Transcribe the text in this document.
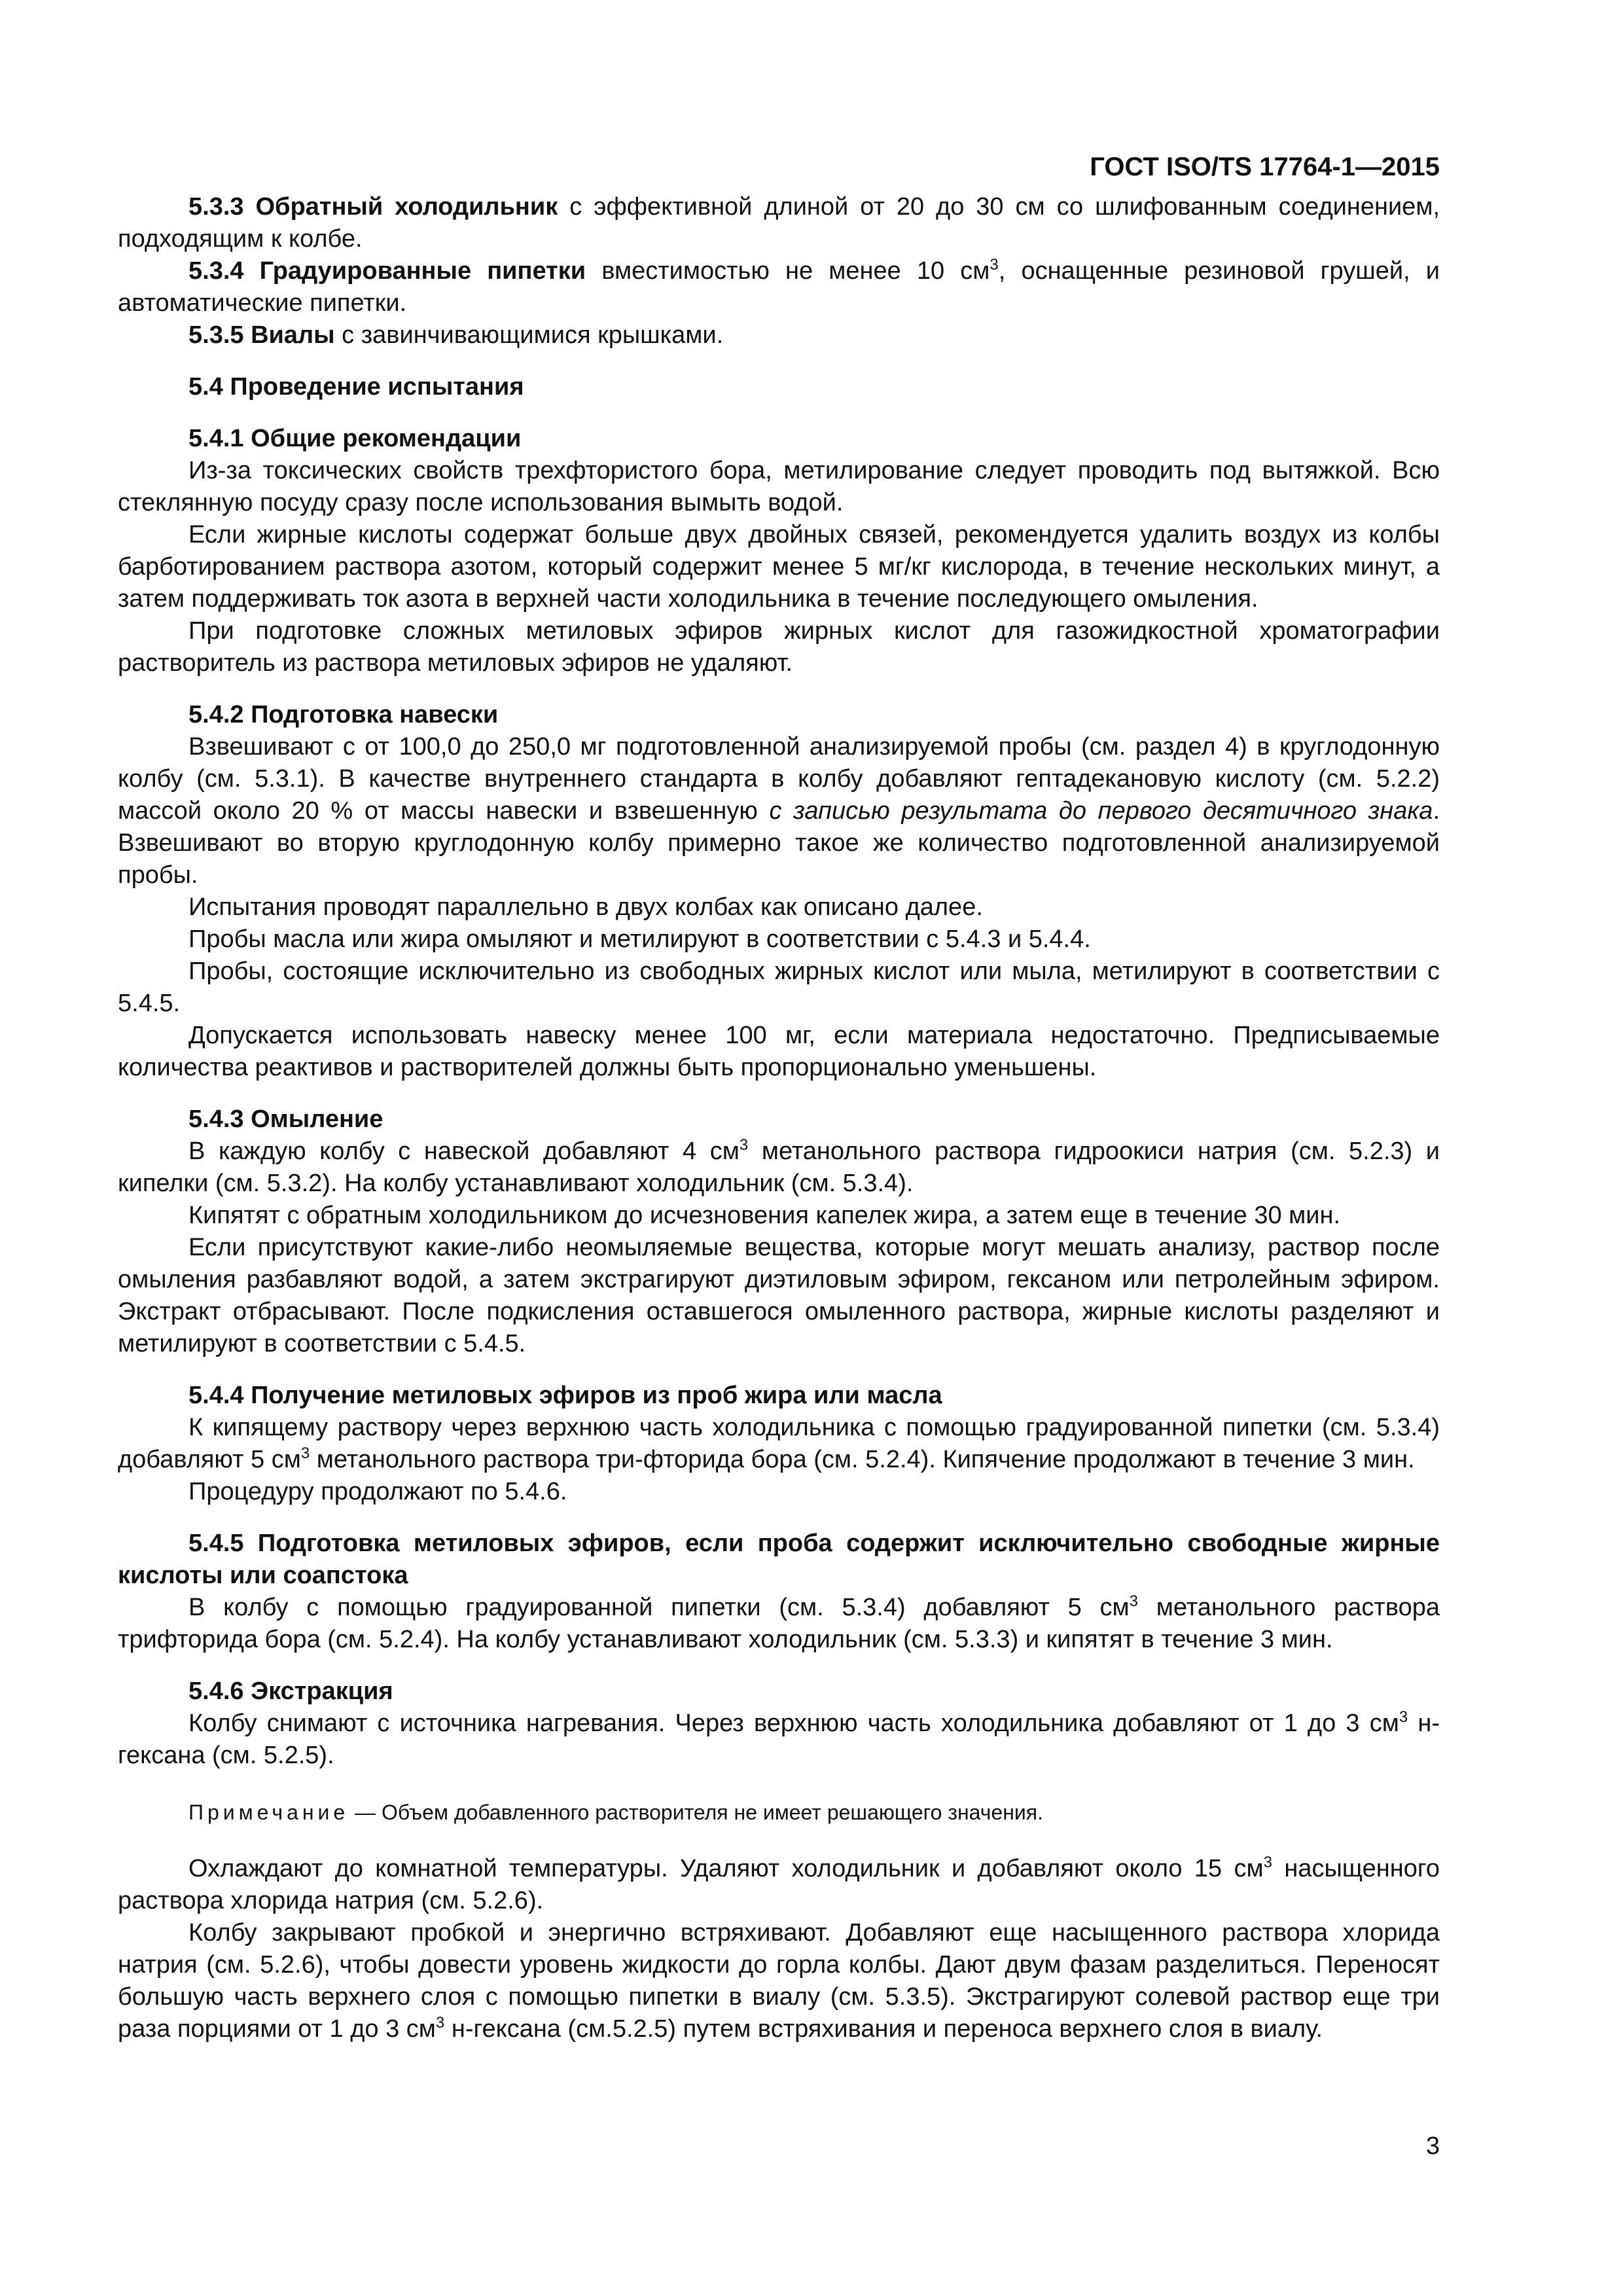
ГОСТ ISO/TS 17764-1—2015

5.3.3 Обратный холодильник с эффективной длиной от 20 до 30 см со шлифованным соединением, подходящим к колбе.

5.3.4 Градуированные пипетки вместимостью не менее 10 $см^3$, оснащенные резиновой грушей, и автоматические пипетки.

5.3.5 Виалы с завинчивающимися крышками.

5.4 Проведение испытания
5.4.1 Общие рекомендации

Из-за токсических свойств трехфтористого бора, метилирование следует проводить под вытяжкой. Всю стеклянную посуду сразу после использования вымыть водой.

Если жирные кислоты содержат больше двух двойных связей, рекомендуется удалить воздух из колбы барботированием раствора азотом, который содержит менее 5 мг/кг кислорода, в течение нескольких минут, а затем поддерживать ток азота в верхней части холодильника в течение последующего омыления.

При подготовке сложных метиловых эфиров жирных кислот для газожидкостной хроматографии растворитель из раствора метиловых эфиров не удаляют.

5.4.2 Подготовка навески

Взвешивают с от 100,0 до 250,0 мг подготовленной анализируемой пробы (см. раздел 4) в круглодонную колбу (см. 5.3.1). В качестве внутреннего стандарта в колбу добавляют гептадекановую кислоту (см. 5.2.2) массой около 20 % от массы навески и взвешенную с записью результата до первого десятичного знака. Взвешивают во вторую круглодонную колбу примерно такое же количество подготовленной анализируемой пробы.

Испытания проводят параллельно в двух колбах как описано далее.

Пробы масла или жира омыляют и метилируют в соответствии с 5.4.3 и 5.4.4.

Пробы, состоящие исключительно из свободных жирных кислот или мыла, метилируют в соответствии с 5.4.5.

Допускается использовать навеску менее 100 мг, если материала недостаточно. Предписываемые количества реактивов и растворителей должны быть пропорционально уменьшены.

5.4.3 Омыление

В каждую колбу с навеской добавляют 4 $см^3$ метанольного раствора гидроокиси натрия (см. 5.2.3) и кипелки (см. 5.3.2). На колбу устанавливают холодильник (см. 5.3.4).

Кипятят с обратным холодильником до исчезновения капелек жира, а затем еще в течение 30 мин.

Если присутствуют какие-либо неомыляемые вещества, которые могут мешать анализу, раствор после омыления разбавляют водой, а затем экстрагируют диэтиловым эфиром, гексаном или петролейным эфиром. Экстракт отбрасывают. После подкисления оставшегося омыленного раствора, жирные кислоты разделяют и метилируют в соответствии с 5.4.5.

5.4.4 Получение метиловых эфиров из проб жира или масла

К кипящему раствору через верхнюю часть холодильника с помощью градуированной пипетки (см. 5.3.4) добавляют 5 $см^3$ метанольного раствора три-фторида бора (см. 5.2.4). Кипячение продолжают в течение 3 мин.

Процедуру продолжают по 5.4.6.

5.4.5 Подготовка метиловых эфиров, если проба содержит исключительно свободные жирные кислоты или соапстока

В колбу с помощью градуированной пипетки (см. 5.3.4) добавляют 5 $см^3$ метанольного раствора трифторида бора (см. 5.2.4). На колбу устанавливают холодильник (см. 5.3.3) и кипятят в течение 3 мин.

5.4.6 Экстракция

Колбу снимают с источника нагревания. Через верхнюю часть холодильника добавляют от 1 до 3 $см^3$ н-гексана (см. 5.2.5).

Примечание — Объем добавленного растворителя не имеет решающего значения.

Охлаждают до комнатной температуры. Удаляют холодильник и добавляют около 15 $см^3$ насыщенного раствора хлорида натрия (см. 5.2.6).

Колбу закрывают пробкой и энергично встряхивают. Добавляют еще насыщенного раствора хлорида натрия (см. 5.2.6), чтобы довести уровень жидкости до горла колбы. Дают двум фазам разделиться. Переносят большую часть верхнего слоя с помощью пипетки в виалу (см. 5.3.5). Экстрагируют солевой раствор еще три раза порциями от 1 до 3 $см^3$ н-гексана (см.5.2.5) путем встряхивания и переноса верхнего слоя в виалу.

3
